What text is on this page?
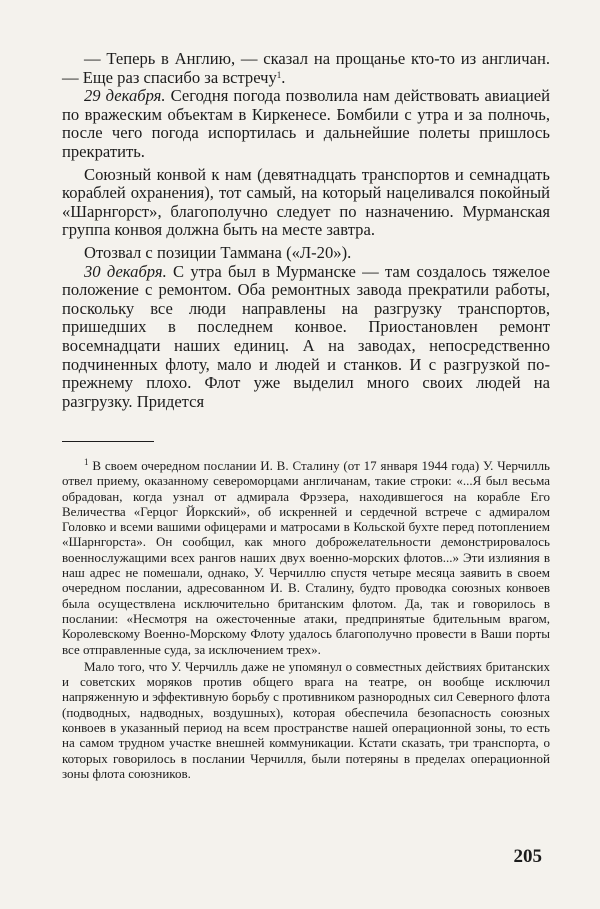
— Теперь в Англию, — сказал на прощанье кто-то из англичан. — Еще раз спасибо за встречу$^1$.

29 декабря. Сегодня погода позволила нам действовать авиацией по вражеским объектам в Киркенесе. Бомбили с утра и за полночь, после чего погода испортилась и дальнейшие полеты пришлось прекратить.

Союзный конвой к нам (девятнадцать транспортов и семнадцать кораблей охранения), тот самый, на который нацеливался покойный «Шарнгорст», благополучно следует по назначению. Мурманская группа конвоя должна быть на месте завтра.

Отозвал с позиции Таммана («Л-20»).

30 декабря. С утра был в Мурманске — там создалось тяжелое положение с ремонтом. Оба ремонтных завода прекратили работы, поскольку все люди направлены на разгрузку транспортов, пришедших в последнем конвое. Приостановлен ремонт восемнадцати наших единиц. А на заводах, непосредственно подчиненных флоту, мало и людей и станков. И с разгрузкой по-прежнему плохо. Флот уже выделил много своих людей на разгрузку. Придется

$^1$ В своем очередном послании И. В. Сталину (от 17 января 1944 года) У. Черчилль отвел приему, оказанному североморцами англичанам, такие строки: «...Я был весьма обрадован, когда узнал от адмирала Фрэзера, находившегося на корабле Его Величества «Герцог Йоркский», об искренней и сердечной встрече с адмиралом Головко и всеми вашими офицерами и матросами в Кольской бухте перед потоплением «Шарнгорста». Он сообщил, как много доброжелательности демонстрировалось военнослужащими всех рангов наших двух военно-морских флотов...» Эти излияния в наш адрес не помешали, однако, У. Черчиллю спустя четыре месяца заявить в своем очередном послании, адресованном И. В. Сталину, будто проводка союзных конвоев была осуществлена исключительно британским флотом. Да, так и говорилось в послании: «Несмотря на ожесточенные атаки, предпринятые бдительным врагом, Королевскому Военно-Морскому Флоту удалось благополучно провести в Ваши порты все отправленные суда, за исключением трех».

Мало того, что У. Черчилль даже не упомянул о совместных действиях британских и советских моряков против общего врага на театре, он вообще исключил напряженную и эффективную борьбу с противником разнородных сил Северного флота (подводных, надводных, воздушных), которая обеспечила безопасность союзных конвоев в указанный период на всем пространстве нашей операционной зоны, то есть на самом трудном участке внешней коммуникации. Кстати сказать, три транспорта, о которых говорилось в послании Черчилля, были потеряны в пределах операционной зоны флота союзников.

205
